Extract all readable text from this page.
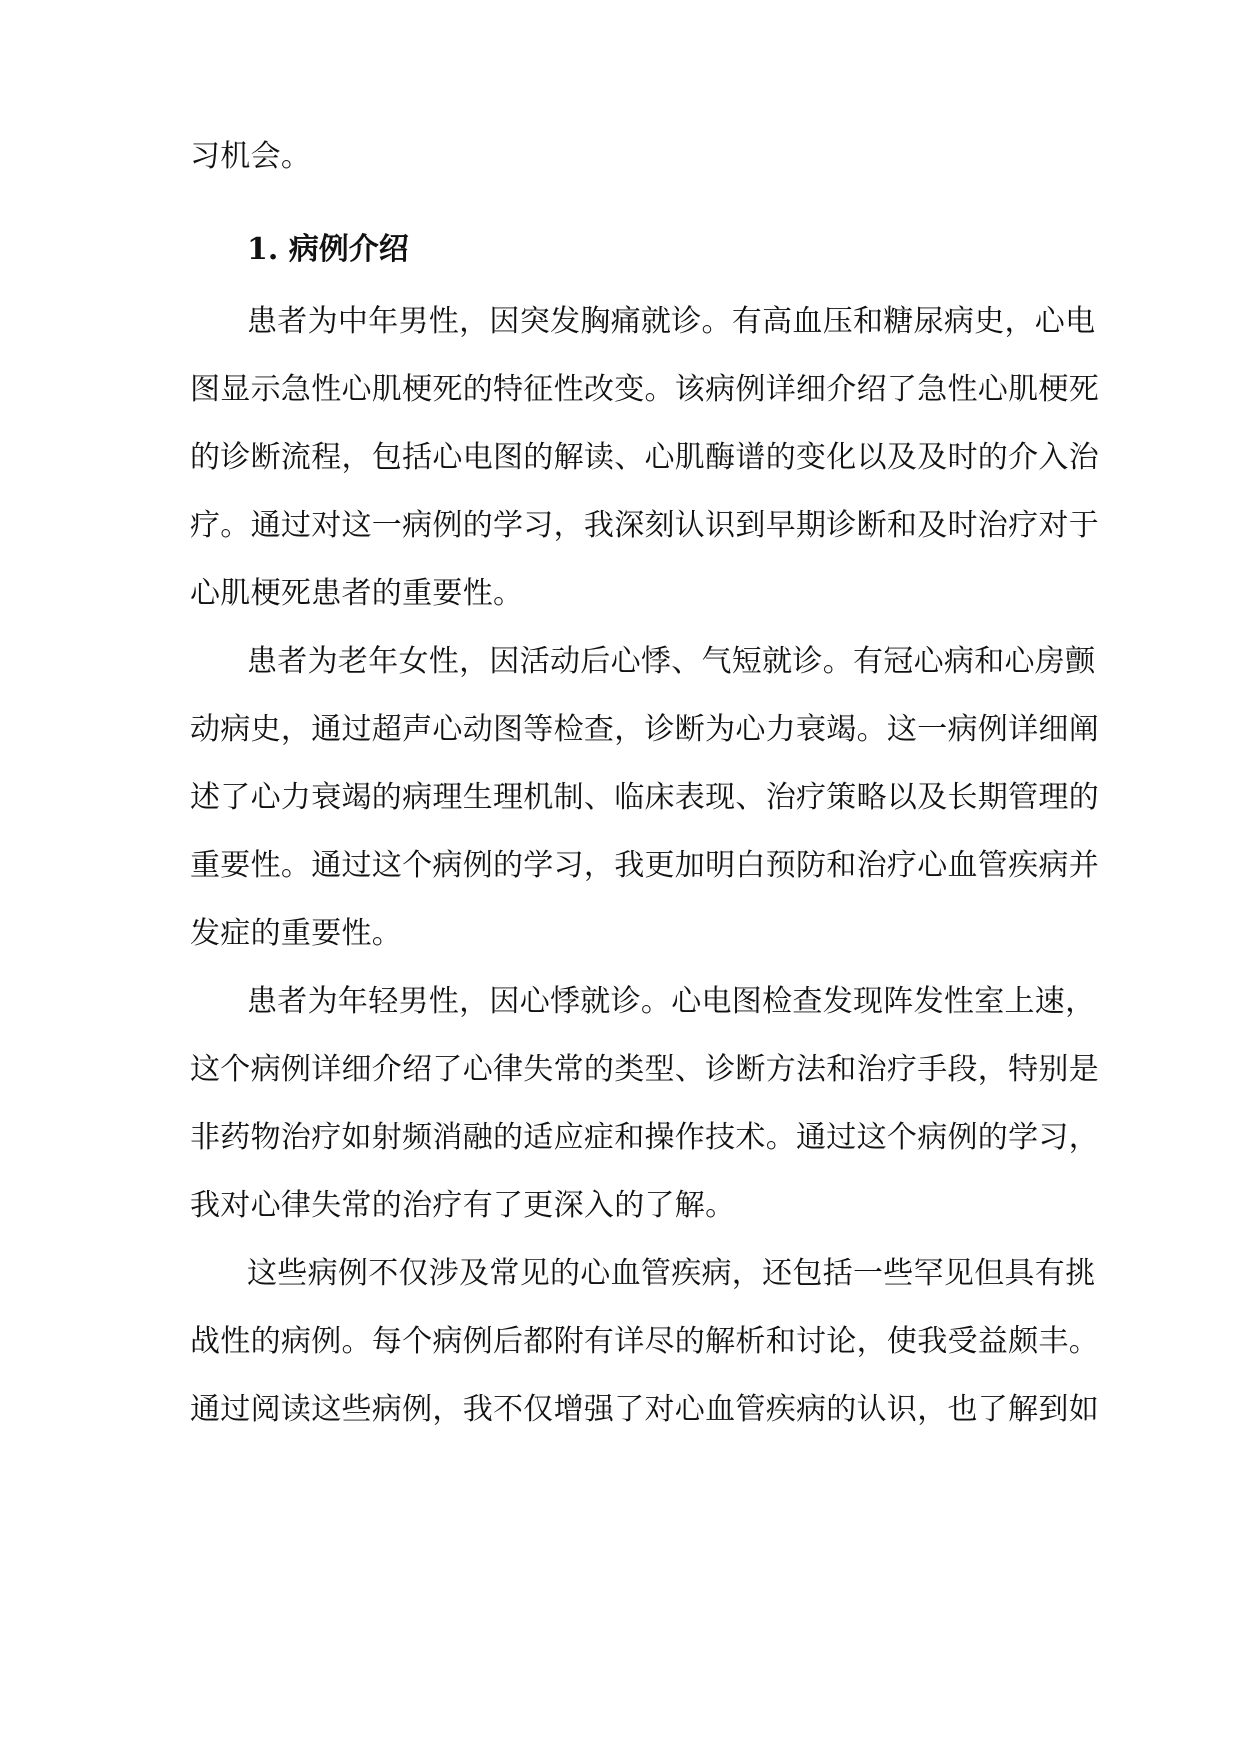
习机会。
1. 病例介绍
患者为中年男性，因突发胸痛就诊。有高血压和糖尿病史，心电
图显示急性心肌梗死的特征性改变。该病例详细介绍了急性心肌梗死
的诊断流程，包括心电图的解读、心肌酶谱的变化以及及时的介入治
疗。通过对这一病例的学习，我深刻认识到早期诊断和及时治疗对于
心肌梗死患者的重要性。
患者为老年女性，因活动后心悸、气短就诊。有冠心病和心房颤
动病史，通过超声心动图等检查，诊断为心力衰竭。这一病例详细阐
述了心力衰竭的病理生理机制、临床表现、治疗策略以及长期管理的
重要性。通过这个病例的学习，我更加明白预防和治疗心血管疾病并
发症的重要性。
患者为年轻男性，因心悸就诊。心电图检查发现阵发性室上速，
这个病例详细介绍了心律失常的类型、诊断方法和治疗手段，特别是
非药物治疗如射频消融的适应症和操作技术。通过这个病例的学习，
我对心律失常的治疗有了更深入的了解。
这些病例不仅涉及常见的心血管疾病，还包括一些罕见但具有挑
战性的病例。每个病例后都附有详尽的解析和讨论，使我受益颇丰。
通过阅读这些病例，我不仅增强了对心血管疾病的认识，也了解到如
